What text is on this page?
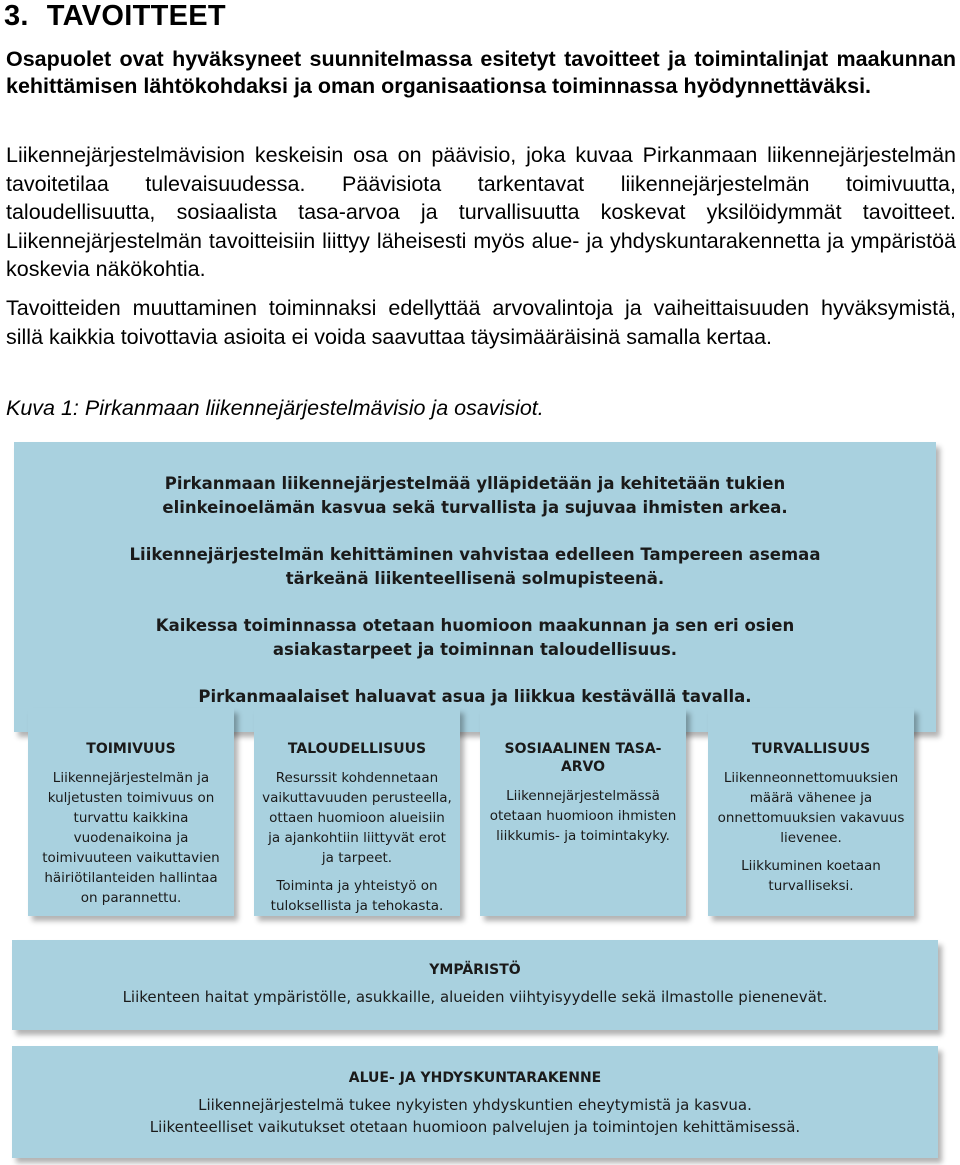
3. TAVOITTEET

Osapuolet ovat hyväksyneet suunnitelmassa esitetyt tavoitteet ja toimintalinjat maakunnan kehittämisen lähtökohdaksi ja oman organisaationsa toiminnassa hyödynnettäväksi.

Liikennejärjestelmävision keskeisin osa on päävisio, joka kuvaa Pirkanmaan liikennejärjestelmän tavoitetilaa tulevaisuudessa. Päävisiota tarkentavat liikennejärjestelmän toimivuutta, taloudellisuutta, sosiaalista tasa-arvoa ja turvallisuutta koskevat yksilöidymmät tavoitteet. Liikennejärjestelmän tavoitteisiin liittyy läheisesti myös alue- ja yhdyskuntarakennetta ja ympäristöä koskevia näkökohtia.

Tavoitteiden muuttaminen toiminnaksi edellyttää arvovalintoja ja vaiheittaisuuden hyväksymistä, sillä kaikkia toivottavia asioita ei voida saavuttaa täysimääräisinä samalla kertaa.

Kuva 1: Pirkanmaan liikennejärjestelmävisio ja osavisiot.

Pirkanmaan liikennejärjestelmää ylläpidetään ja kehitetään tukien elinkeinoelämän kasvua sekä turvallista ja sujuvaa ihmisten arkea.
Liikennejärjestelmän kehittäminen vahvistaa edelleen Tampereen asemaa tärkeänä liikenteellisenä solmupisteenä.
Kaikessa toiminnassa otetaan huomioon maakunnan ja sen eri osien asiakastarpeet ja toiminnan taloudellisuus.
Pirkanmaalaiset haluavat asua ja liikkua kestävällä tavalla.
TOIMIVUUS
Liikennejärjestelmän ja kuljetusten toimivuus on turvattu kaikkina vuodenaikoina ja toimivuuteen vaikuttavien häiriötilanteiden hallintaa on parannettu.
TALOUDELLISUUS
Resurssit kohdennetaan vaikuttavuuden perusteella, ottaen huomioon alueisiin ja ajankohtiin liittyvät erot ja tarpeet.
Toiminta ja yhteistyö on tuloksellista ja tehokasta.
SOSIAALINEN TASA-ARVO
Liikennejärjestelmässä otetaan huomioon ihmisten liikkumis- ja toimintakyky.
TURVALLISUUS
Liikenneonnettomuuksien määrä vähenee ja onnettomuuksien vakavuus lievenee.
Liikkuminen koetaan turvalliseksi.
YMPÄRISTÖ
Liikenteen haitat ympäristölle, asukkaille, alueiden viihtyisyydelle sekä ilmastolle pienenevät.
ALUE- JA YHDYSKUNTARAKENNE
Liikennejärjestelmä tukee nykyisten yhdyskuntien eheytymistä ja kasvua.
Liikenteelliset vaikutukset otetaan huomioon palvelujen ja toimintojen kehittämisessä.
